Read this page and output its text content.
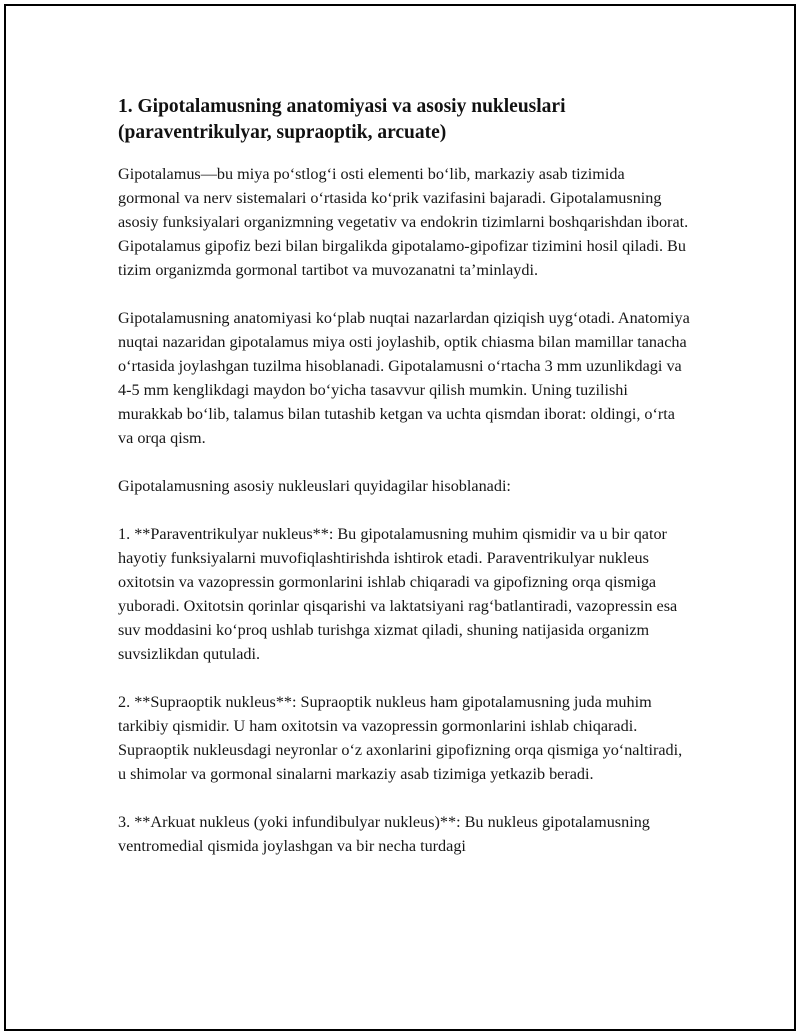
1. Gipotalamusning anatomiyasi va asosiy nukleuslari
(paraventrikulyar, supraoptik, arcuate)

Gipotalamus—bu miya po‘stlog‘i osti elementi bo‘lib, markaziy asab tizimida gormonal va nerv sistemalari o‘rtasida ko‘prik vazifasini bajaradi. Gipotalamusning asosiy funksiyalari organizmning vegetativ va endokrin tizimlarni boshqarishdan iborat. Gipotalamus gipofiz bezi bilan birgalikda gipotalamo-gipofizar tizimini hosil qiladi. Bu tizim organizmda gormonal tartibot va muvozanatni ta’minlaydi.

Gipotalamusning anatomiyasi ko‘plab nuqtai nazarlardan qiziqish uyg‘otadi. Anatomiya nuqtai nazaridan gipotalamus miya osti joylashib, optik chiasma bilan mamillar tanacha o‘rtasida joylashgan tuzilma hisoblanadi. Gipotalamusni o‘rtacha 3 mm uzunlikdagi va 4-5 mm kenglikdagi maydon bo‘yicha tasavvur qilish mumkin. Uning tuzilishi murakkab bo‘lib, talamus bilan tutashib ketgan va uchta qismdan iborat: oldingi, o‘rta va orqa qism.

Gipotalamusning asosiy nukleuslari quyidagilar hisoblanadi:

1. **Paraventrikulyar nukleus**: Bu gipotalamusning muhim qismidir va u bir qator hayotiy funksiyalarni muvofiqlashtirishda ishtirok etadi. Paraventrikulyar nukleus oxitotsin va vazopressin gormonlarini ishlab chiqaradi va gipofizning orqa qismiga yuboradi. Oxitotsin qorinlar qisqarishi va laktatsiyani rag‘batlantiradi, vazopressin esa suv moddasini ko‘proq ushlab turishga xizmat qiladi, shuning natijasida organizm suvsizlikdan qutuladi.

2. **Supraoptik nukleus**: Supraoptik nukleus ham gipotalamusning juda muhim tarkibiy qismidir. U ham oxitotsin va vazopressin gormonlarini ishlab chiqaradi. Supraoptik nukleusdagi neyronlar o‘z axonlarini gipofizning orqa qismiga yo‘naltiradi, u shimolar va gormonal sinalarni markaziy asab tizimiga yetkazib beradi.

3. **Arkuat nukleus (yoki infundibulyar nukleus)**: Bu nukleus gipotalamusning ventromedial qismida joylashgan va bir necha turdagi
